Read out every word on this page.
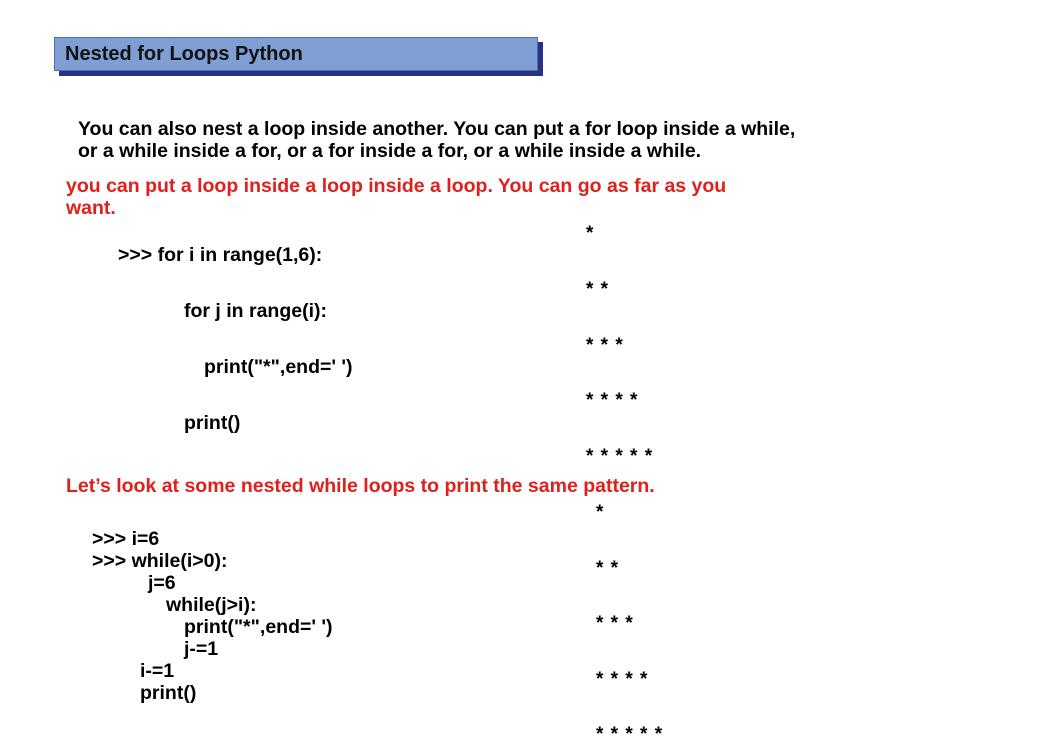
Nested for Loops Python
You can also nest a loop inside another. You can put a for loop inside a while,
or a while inside a for, or a for inside a for, or a while inside a while.
you can put a loop inside a loop inside a loop. You can go as far as you
want.
>>> for i in range(1,6):
for j in range(i):
print("*",end=' ')
print()
*
* *
* * *
* * * *
* * * * *
Let’s look at some nested while loops to print the same pattern.
>>> i=6
>>> while(i>0):
j=6
while(j>i):
print("*",end=' ')
j-=1
i-=1
print()
*
* *
* * *
* * * *
* * * * *
